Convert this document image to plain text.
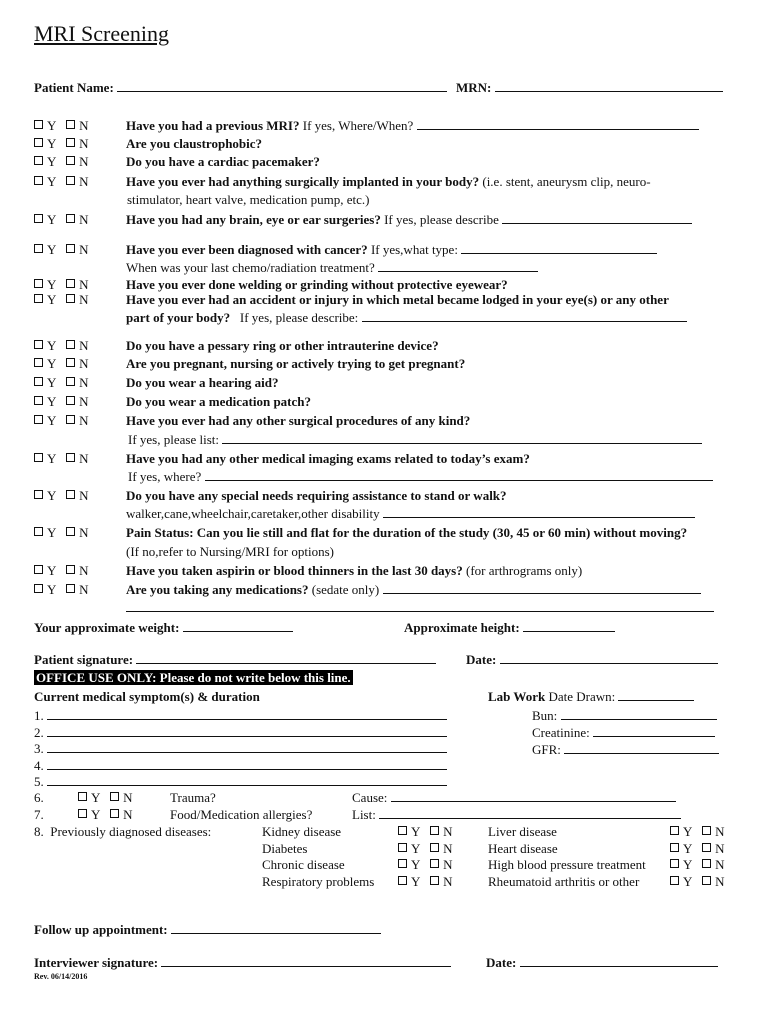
MRI Screening
Patient Name:	MRN:
Y N	Have you had a previous MRI? If yes, Where/When?
Y N	Are you claustrophobic?
Y N	Do you have a cardiac pacemaker?
Y N	Have you ever had anything surgically implanted in your body? (i.e. stent, aneurysm clip, neuro-
stimulator, heart valve, medication pump, etc.)
Y N	Have you had any brain, eye or ear surgeries? If yes, please describe
Y N	Have you ever been diagnosed with cancer? If yes,what type:
When was your last chemo/radiation treatment?
Y N	Have you ever done welding or grinding without protective eyewear?
Y N	Have you ever had an accident or injury in which metal became lodged in your eye(s) or any other
part of your body? If yes, please describe:
Y N	Do you have a pessary ring or other intrauterine device?
Y N	Are you pregnant, nursing or actively trying to get pregnant?
Y N	Do you wear a hearing aid?
Y N	Do you wear a medication patch?
Y N	Have you ever had any other surgical procedures of any kind?
If yes, please list:
Y N	Have you had any other medical imaging exams related to today’s exam?
If yes, where?
Y N	Do you have any special needs requiring assistance to stand or walk?
walker,cane,wheelchair,caretaker,other disability
Y N	Pain Status: Can you lie still and flat for the duration of the study (30, 45 or 60 min) without moving?
(If no,refer to Nursing/MRI for options)
Y N	Have you taken aspirin or blood thinners in the last 30 days? (for arthrograms only)
Y N	Are you taking any medications? (sedate only)
Your approximate weight:	Approximate height:
Patient signature:	Date:
OFFICE USE ONLY: Please do not write below this line.
Current medical symptom(s) & duration	Lab Work Date Drawn:
Bun:
Creatinine:
GFR:
1.
2.
3.
4.
5.
6.	Y N	Trauma?	Cause:
7.	Y N	Food/Medication allergies?	List:
8. Previously diagnosed diseases:	Kidney disease	Y N
Diabetes	Y N
Chronic disease	Y N
Respiratory problems	Y N
Liver disease	Y N
Heart disease	Y N
High blood pressure treatment	Y N
Rheumatoid arthritis or other	Y N
Follow up appointment:
Interviewer signature:	Date:
Rev. 06/14/2016
